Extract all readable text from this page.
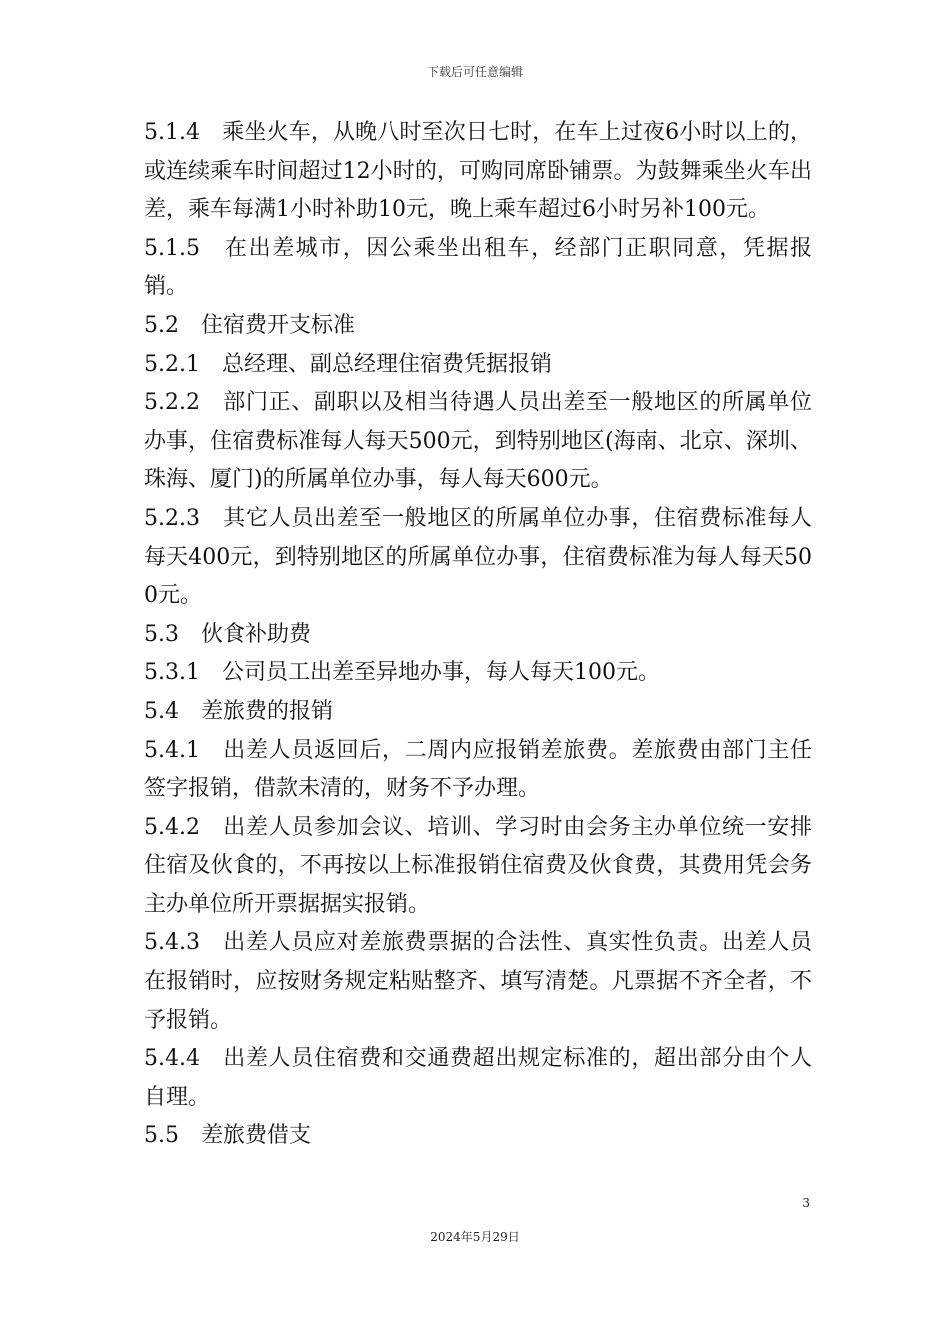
下载后可任意编辑

5.1.4　乘坐火车，从晚八时至次日七时，在车上过夜6小时以上的，或连续乘车时间超过12小时的，可购同席卧铺票。为鼓舞乘坐火车出差，乘车每满1小时补助10元，晚上乘车超过6小时另补100元。

5.1.5　在出差城市，因公乘坐出租车，经部门正职同意，凭据报销。

5.2　住宿费开支标准

5.2.1　总经理、副总经理住宿费凭据报销

5.2.2　部门正、副职以及相当待遇人员出差至一般地区的所属单位办事，住宿费标准每人每天500元，到特别地区(海南、北京、深圳、珠海、厦门)的所属单位办事，每人每天600元。

5.2.3　其它人员出差至一般地区的所属单位办事，住宿费标准每人每天400元，到特别地区的所属单位办事，住宿费标准为每人每天500元。

5.3　伙食补助费

5.3.1　公司员工出差至异地办事，每人每天100元。

5.4　差旅费的报销

5.4.1　出差人员返回后，二周内应报销差旅费。差旅费由部门主任签字报销，借款未清的，财务不予办理。

5.4.2　出差人员参加会议、培训、学习时由会务主办单位统一安排住宿及伙食的，不再按以上标准报销住宿费及伙食费，其费用凭会务主办单位所开票据据实报销。

5.4.3　出差人员应对差旅费票据的合法性、真实性负责。出差人员在报销时，应按财务规定粘贴整齐、填写清楚。凡票据不齐全者，不予报销。

5.4.4　出差人员住宿费和交通费超出规定标准的，超出部分由个人自理。

5.5　差旅费借支

3
2024年5月29日
